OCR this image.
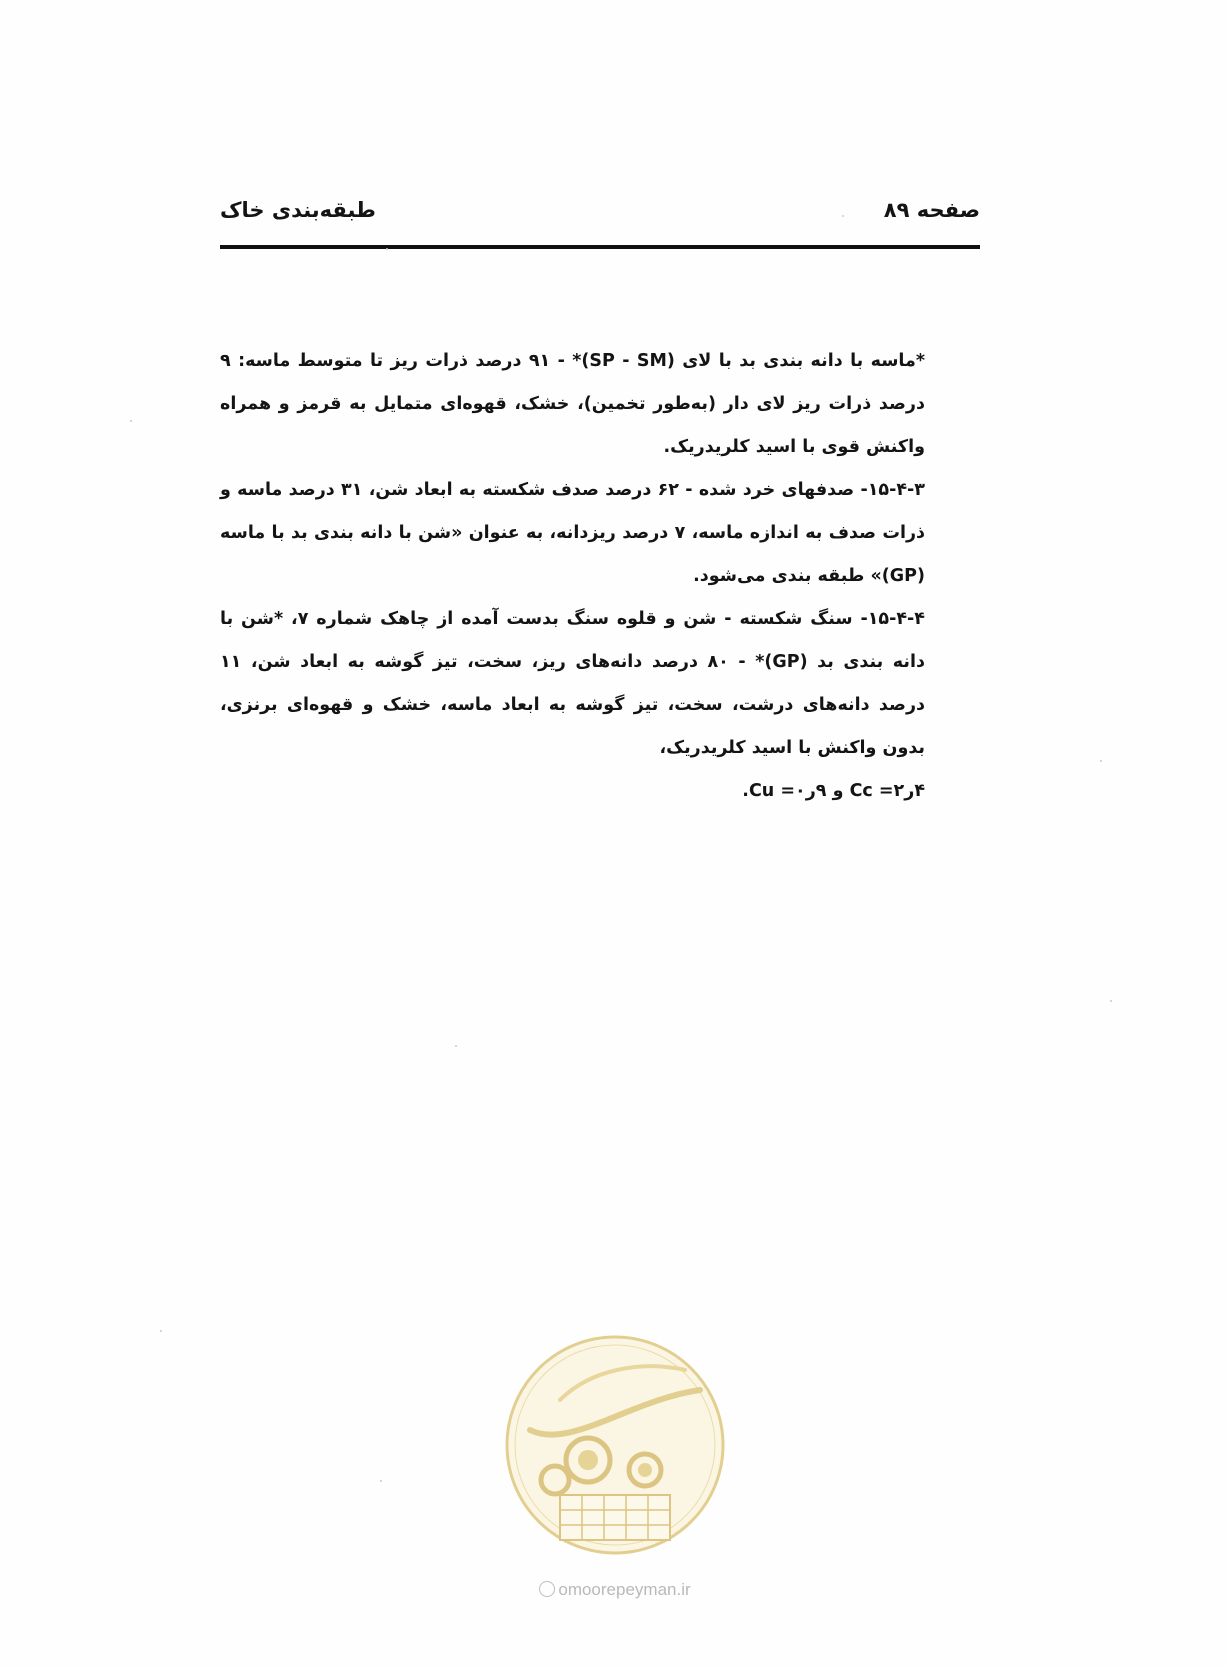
صفحه ۸۹
طبقه‌بندی خاک

*ماسه با دانه بندی بد با لای (SP - SM)* - ۹۱ درصد ذرات ریز تا متوسط ماسه: ۹ درصد ذرات ریز لای دار (به‌طور تخمین)، خشک، قهوه‌ای متمایل به قرمز و همراه واکنش قوی با اسید کلریدریک.

۱۵-۴-۳- صدفهای خرد شده - ۶۲ درصد صدف شکسته به ابعاد شن، ۳۱ درصد ماسه و ذرات صدف به اندازه ماسه، ۷ درصد ریزدانه، به عنوان «شن با دانه بندی بد با ماسه (GP)» طبقه بندی می‌شود.

۱۵-۴-۴- سنگ شکسته - شن و قلوه سنگ بدست آمده از چاهک شماره ۷، *شن با دانه بندی بد (GP)* - ۸۰ درصد دانه‌های ریز، سخت، تیز گوشه به ابعاد شن، ۱۱ درصد دانه‌های درشت، سخت، تیز گوشه به ابعاد ماسه، خشک و قهوه‌ای برنزی، بدون واکنش با اسید کلریدریک،

۴ر۲= Cc و ۹ر۰= Cu.

omoorepeyman.ir
